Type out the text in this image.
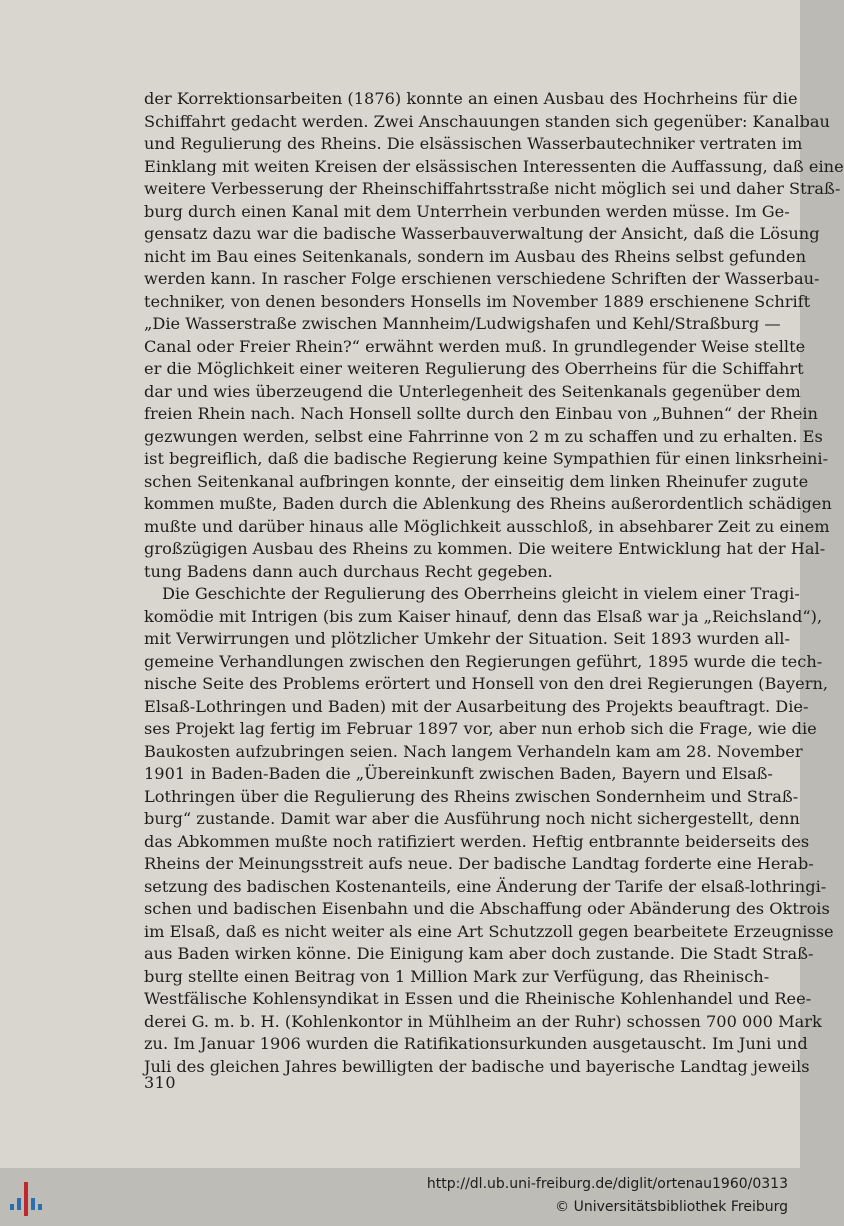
der Korrektionsarbeiten (1876) konnte an einen Ausbau des Hochrheins für die
Schiffahrt gedacht werden. Zwei Anschauungen standen sich gegenüber: Kanalbau
und Regulierung des Rheins. Die elsässischen Wasserbautechniker vertraten im
Einklang mit weiten Kreisen der elsässischen Interessenten die Auffassung, daß eine
weitere Verbesserung der Rheinschiffahrtsstraße nicht möglich sei und daher Straß-
burg durch einen Kanal mit dem Unterrhein verbunden werden müsse. Im Ge-
gensatz dazu war die badische Wasserbauverwaltung der Ansicht, daß die Lösung
nicht im Bau eines Seitenkanals, sondern im Ausbau des Rheins selbst gefunden
werden kann. In rascher Folge erschienen verschiedene Schriften der Wasserbau-
techniker, von denen besonders Honsells im November 1889 erschienene Schrift
„Die Wasserstraße zwischen Mannheim/Ludwigshafen und Kehl/Straßburg —
Canal oder Freier Rhein?“ erwähnt werden muß. In grundlegender Weise stellte
er die Möglichkeit einer weiteren Regulierung des Oberrheins für die Schiffahrt
dar und wies überzeugend die Unterlegenheit des Seitenkanals gegenüber dem
freien Rhein nach. Nach Honsell sollte durch den Einbau von „Buhnen“ der Rhein
gezwungen werden, selbst eine Fahrrinne von 2 m zu schaffen und zu erhalten. Es
ist begreiflich, daß die badische Regierung keine Sympathien für einen linksrheini-
schen Seitenkanal aufbringen konnte, der einseitig dem linken Rheinufer zugute
kommen mußte, Baden durch die Ablenkung des Rheins außerordentlich schädigen
mußte und darüber hinaus alle Möglichkeit ausschloß, in absehbarer Zeit zu einem
großzügigen Ausbau des Rheins zu kommen. Die weitere Entwicklung hat der Hal-
tung Badens dann auch durchaus Recht gegeben.
Die Geschichte der Regulierung des Oberrheins gleicht in vielem einer Tragi-
komödie mit Intrigen (bis zum Kaiser hinauf, denn das Elsaß war ja „Reichsland“),
mit Verwirrungen und plötzlicher Umkehr der Situation. Seit 1893 wurden all-
gemeine Verhandlungen zwischen den Regierungen geführt, 1895 wurde die tech-
nische Seite des Problems erörtert und Honsell von den drei Regierungen (Bayern,
Elsaß-Lothringen und Baden) mit der Ausarbeitung des Projekts beauftragt. Die-
ses Projekt lag fertig im Februar 1897 vor, aber nun erhob sich die Frage, wie die
Baukosten aufzubringen seien. Nach langem Verhandeln kam am 28. November
1901 in Baden-Baden die „Übereinkunft zwischen Baden, Bayern und Elsaß-
Lothringen über die Regulierung des Rheins zwischen Sondernheim und Straß-
burg“ zustande. Damit war aber die Ausführung noch nicht sichergestellt, denn
das Abkommen mußte noch ratifiziert werden. Heftig entbrannte beiderseits des
Rheins der Meinungsstreit aufs neue. Der badische Landtag forderte eine Herab-
setzung des badischen Kostenanteils, eine Änderung der Tarife der elsaß-lothringi-
schen und badischen Eisenbahn und die Abschaffung oder Abänderung des Oktrois
im Elsaß, daß es nicht weiter als eine Art Schutzzoll gegen bearbeitete Erzeugnisse
aus Baden wirken könne. Die Einigung kam aber doch zustande. Die Stadt Straß-
burg stellte einen Beitrag von 1 Million Mark zur Verfügung, das Rheinisch-
Westfälische Kohlensyndikat in Essen und die Rheinische Kohlenhandel und Ree-
derei G. m. b. H. (Kohlenkontor in Mühlheim an der Ruhr) schossen 700 000 Mark
zu. Im Januar 1906 wurden die Ratifikationsurkunden ausgetauscht. Im Juni und
Juli des gleichen Jahres bewilligten der badische und bayerische Landtag jeweils
310
http://dl.ub.uni-freiburg.de/diglit/ortenau1960/0313
© Universitätsbibliothek Freiburg
